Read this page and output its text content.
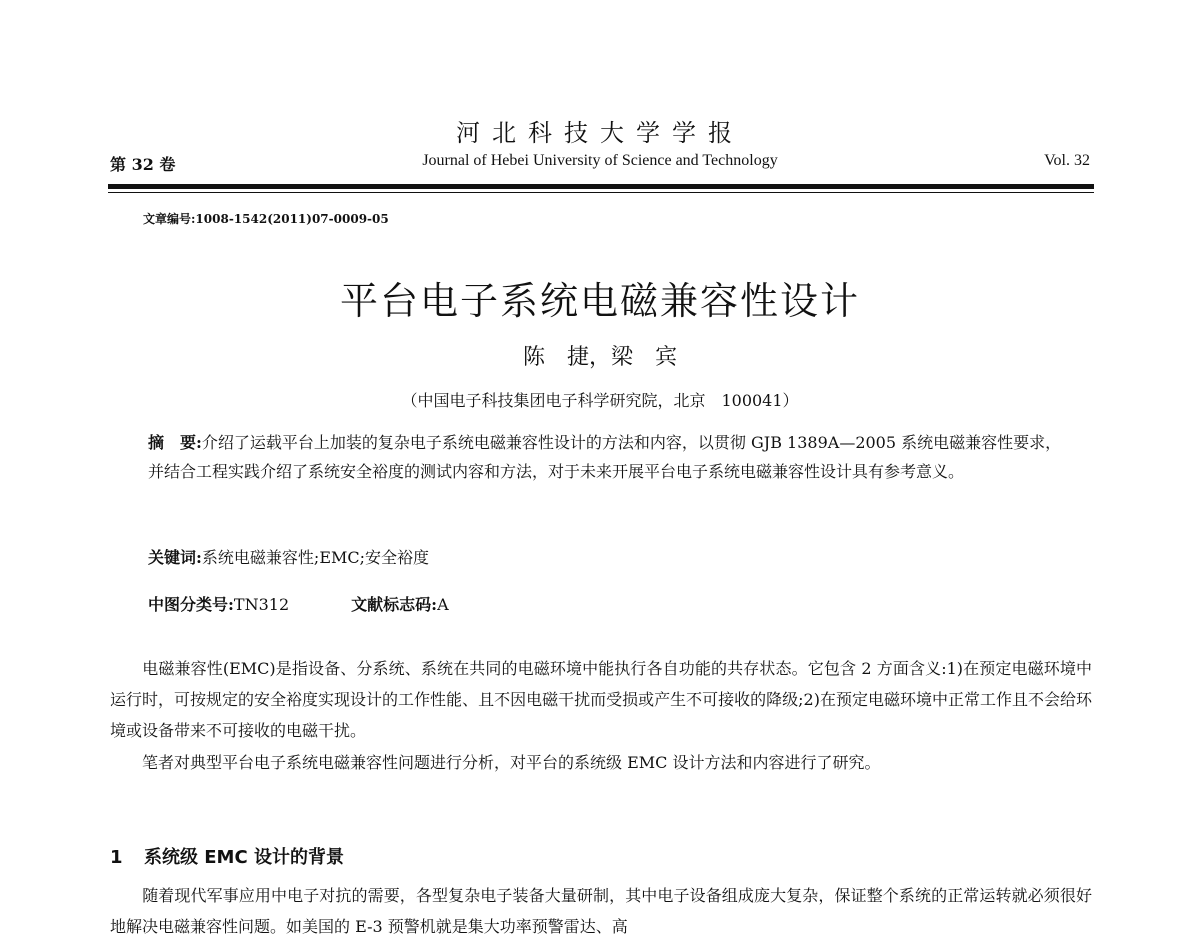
河北科技大学学报
第 32 卷	Journal of Hebei University of Science and Technology	Vol. 32
文章编号:1008-1542(2011)07-0009-05
平台电子系统电磁兼容性设计
陈　捷，梁　宾
（中国电子科技集团电子科学研究院，北京　100041）
摘　要:介绍了运载平台上加装的复杂电子系统电磁兼容性设计的方法和内容，以贯彻 GJB 1389A—2005 系统电磁兼容性要求，并结合工程实践介绍了系统安全裕度的测试内容和方法，对于未来开展平台电子系统电磁兼容性设计具有参考意义。
关键词:系统电磁兼容性;EMC;安全裕度
中图分类号:TN312	文献标志码:A
　　电磁兼容性(EMC)是指设备、分系统、系统在共同的电磁环境中能执行各自功能的共存状态。它包含 2 方面含义:1)在预定电磁环境中运行时，可按规定的安全裕度实现设计的工作性能、且不因电磁干扰而受损或产生不可接收的降级;2)在预定电磁环境中正常工作且不会给环境或设备带来不可接收的电磁干扰。
　　笔者对典型平台电子系统电磁兼容性问题进行分析，对平台的系统级 EMC 设计方法和内容进行了研究。
1 系统级 EMC 设计的背景
　　随着现代军事应用中电子对抗的需要，各型复杂电子装备大量研制，其中电子设备组成庞大复杂，保证整个系统的正常运转就必须很好地解决电磁兼容性问题。如美国的 E-3 预警机就是集大功率预警雷达、高
